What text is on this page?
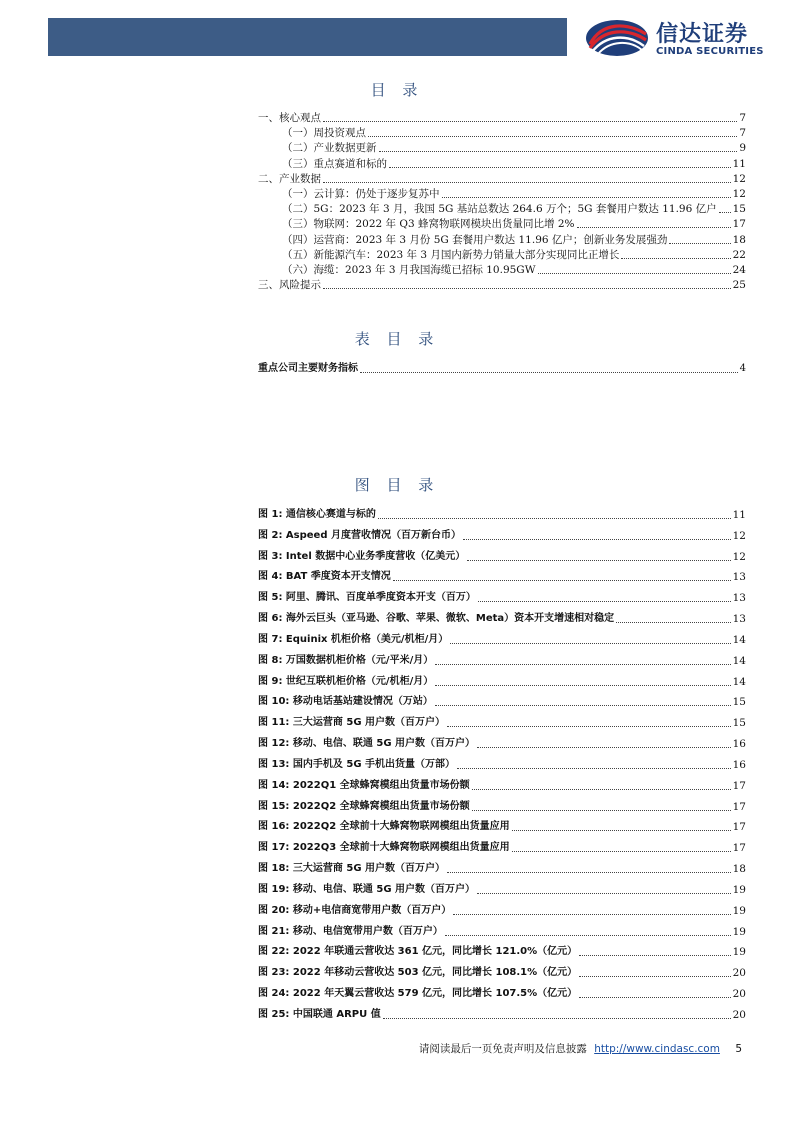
信达证券
CINDA SECURITIES
目 录
一、核心观点	7
（一）周投资观点	7
（二）产业数据更新	9
（三）重点赛道和标的	11
二、产业数据	12
（一）云计算：仍处于逐步复苏中	12
（二）5G：2023 年 3 月，我国 5G 基站总数达 264.6 万个；5G 套餐用户数达 11.96 亿户 15
（三）物联网：2022 年 Q3 蜂窝物联网模块出货量同比增 2%	17
（四）运营商：2023 年 3 月份 5G 套餐用户数达 11.96 亿户；创新业务发展强劲	18
（五）新能源汽车：2023 年 3 月国内新势力销量大部分实现同比正增长	22
（六）海缆：2023 年 3 月我国海缆已招标 10.95GW	24
三、风险提示	25
表 目 录
重点公司主要财务指标	4
图 目 录
图 1: 通信核心赛道与标的	11
图 2: Aspeed 月度营收情况（百万新台币）	12
图 3: Intel 数据中心业务季度营收（亿美元）	12
图 4: BAT 季度资本开支情况	13
图 5: 阿里、腾讯、百度单季度资本开支（百万）	13
图 6: 海外云巨头（亚马逊、谷歌、苹果、微软、Meta）资本开支增速相对稳定	13
图 7: Equinix 机柜价格（美元/机柜/月）	14
图 8: 万国数据机柜价格（元/平米/月）	14
图 9: 世纪互联机柜价格（元/机柜/月）	14
图 10: 移动电话基站建设情况（万站）	15
图 11: 三大运营商 5G 用户数（百万户）	15
图 12: 移动、电信、联通 5G 用户数（百万户）	16
图 13: 国内手机及 5G 手机出货量（万部）	16
图 14: 2022Q1 全球蜂窝模组出货量市场份额	17
图 15: 2022Q2 全球蜂窝模组出货量市场份额	17
图 16: 2022Q2 全球前十大蜂窝物联网模组出货量应用	17
图 17: 2022Q3 全球前十大蜂窝物联网模组出货量应用	17
图 18: 三大运营商 5G 用户数（百万户）	18
图 19: 移动、电信、联通 5G 用户数（百万户）	19
图 20: 移动+电信商宽带用户数（百万户）	19
图 21: 移动、电信宽带用户数（百万户）	19
图 22: 2022 年联通云营收达 361 亿元，同比增长 121.0%（亿元）	19
图 23: 2022 年移动云营收达 503 亿元，同比增长 108.1%（亿元）	20
图 24: 2022 年天翼云营收达 579 亿元，同比增长 107.5%（亿元）	20
图 25: 中国联通 ARPU 值	20
请阅读最后一页免责声明及信息披露 http://www.cindasc.com 5
